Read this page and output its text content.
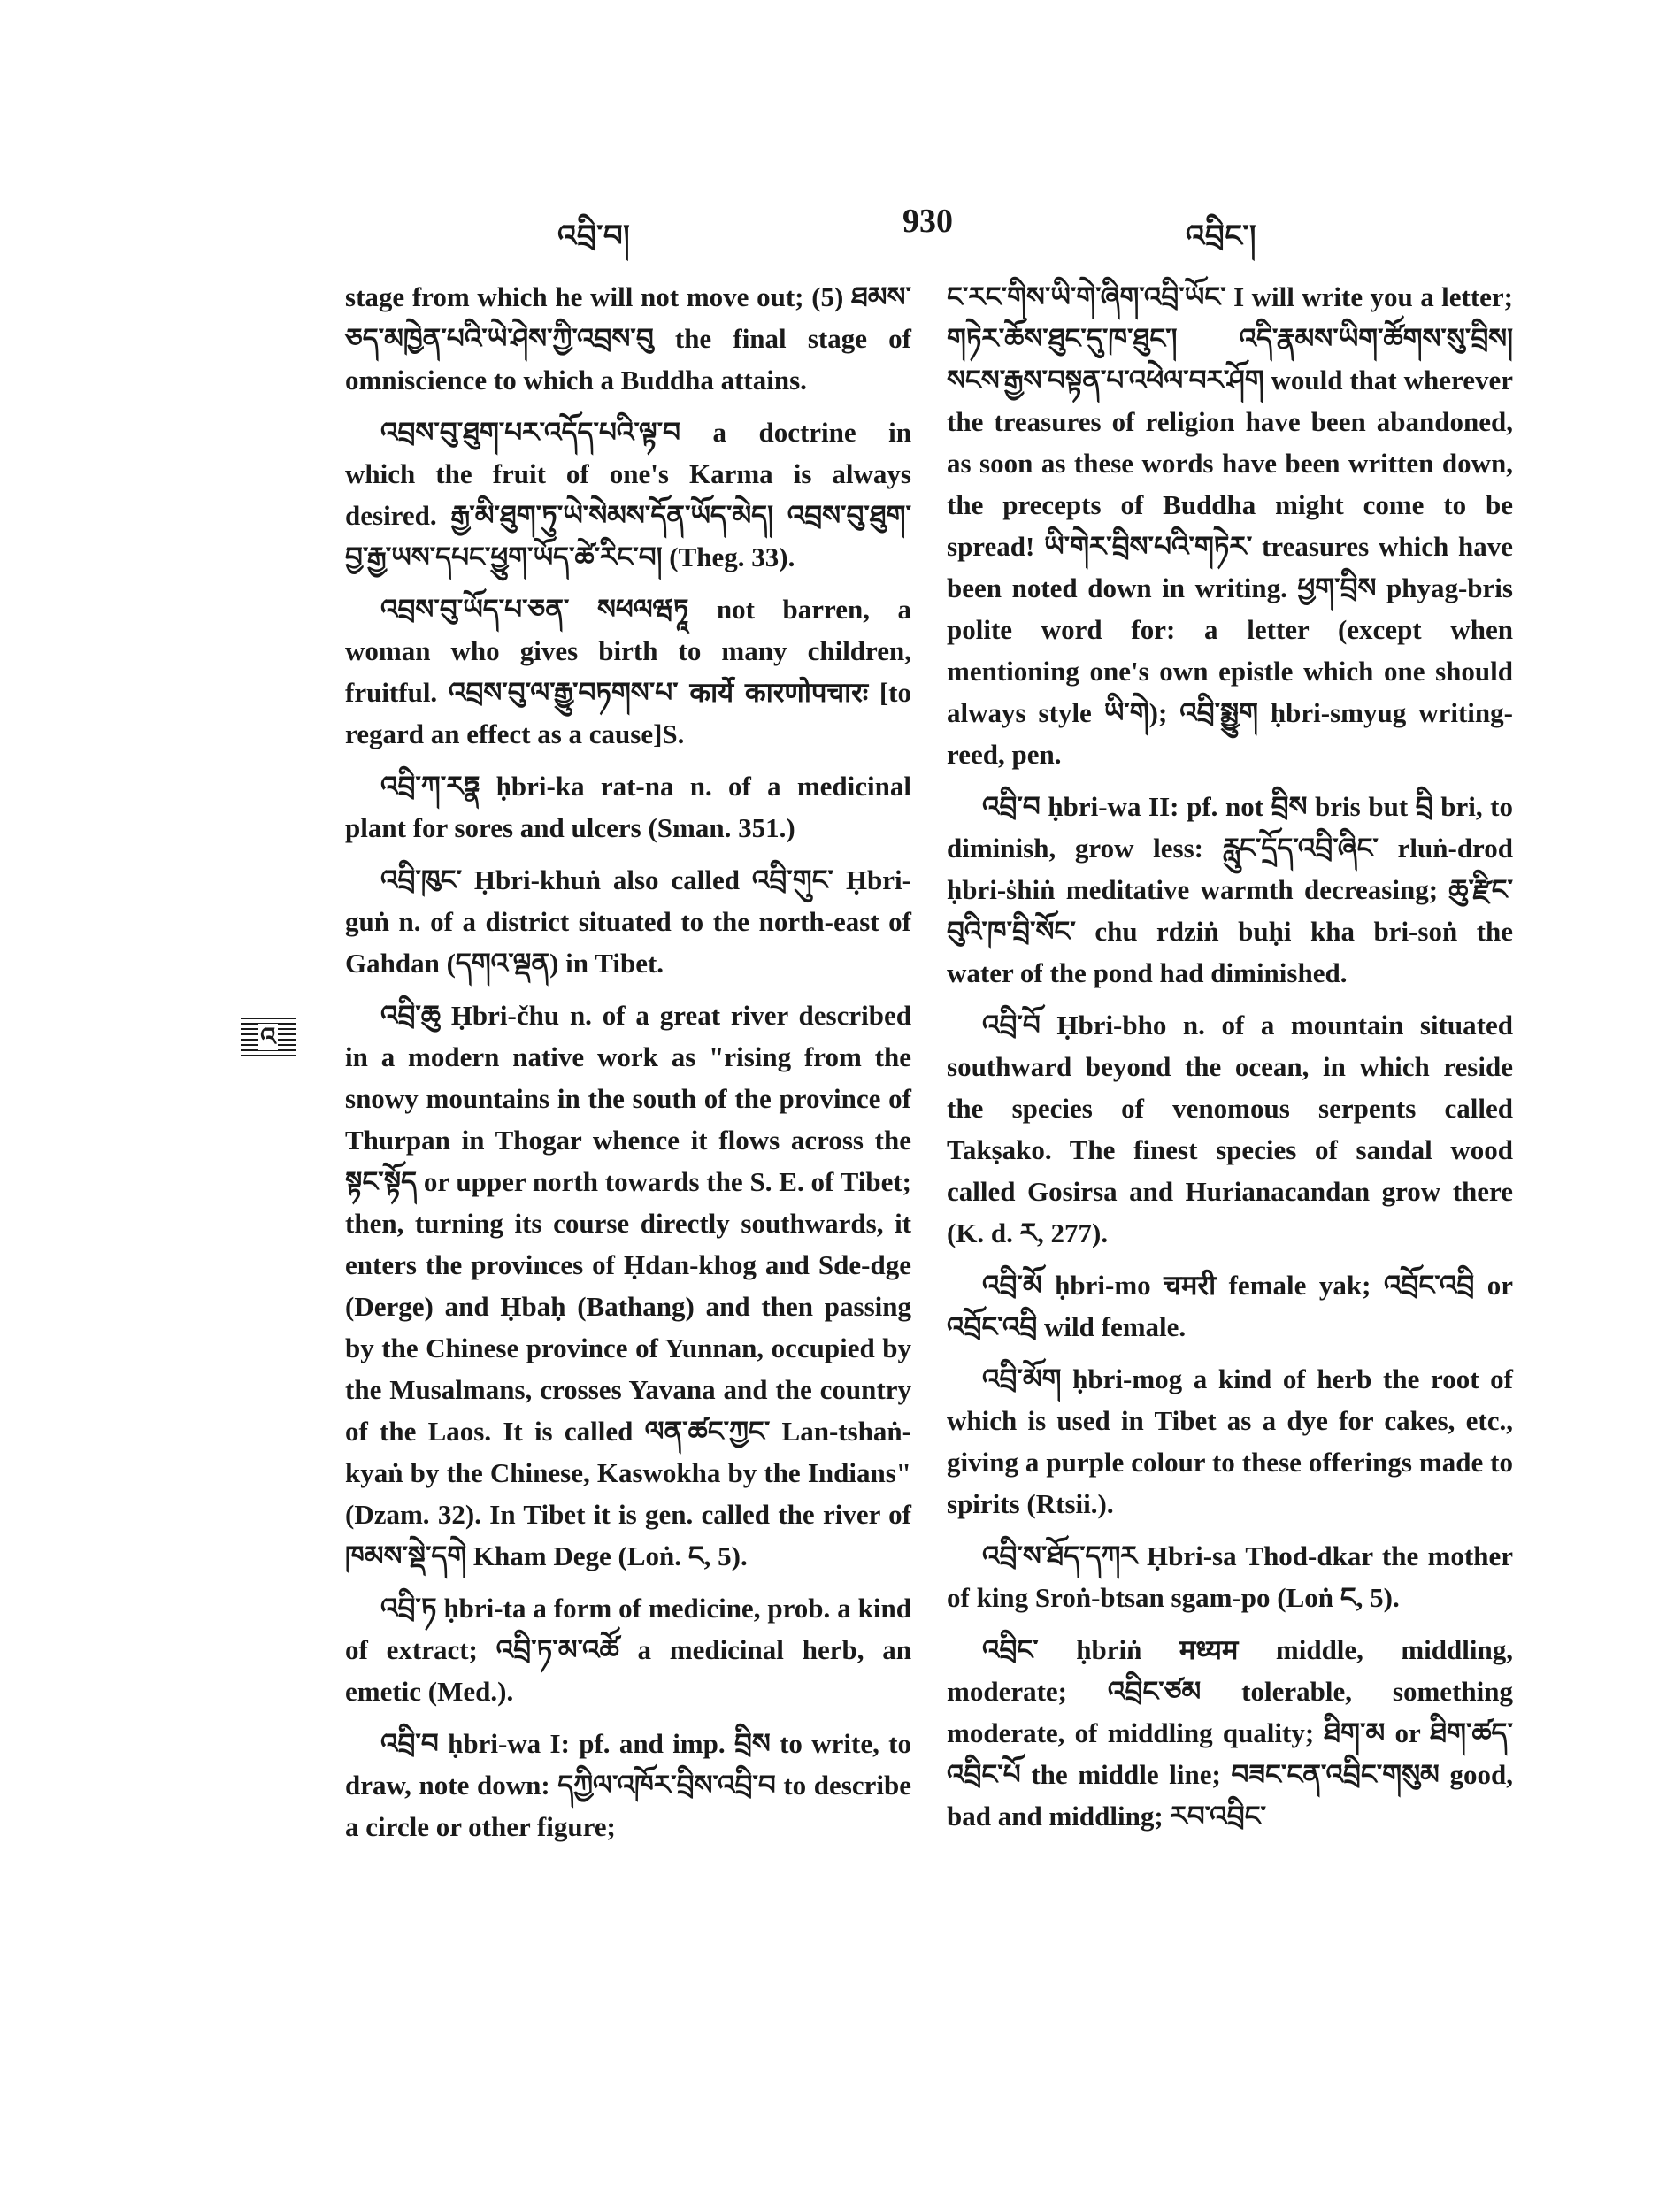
འབྲི་བ།	930	འབྲིང་།
འ

stage from which he will not move out; (5) ཐམས་ཅད་མཁྱེན་པའི་ཡེ་ཤེས་ཀྱི་འབྲས་བུ the final stage of omniscience to which a Buddha attains.

འབྲས་བུ་ཐུག་པར་འདོད་པའི་ལྟ་བ a doctrine in which the fruit of one's Karma is always desired. རྒྱ་མི་ཐུག་ཏུ་ཡེ་སེམས་དོན་ཡོད་མེད། འབྲས་བུ་ཐུག་བྱ་རྒྱ་ཡས་དཔང་ཕྱུག་ཡོད་ཚེ་རིང་བ། (Theg. 33).

འབྲས་བུ་ཡོད་པ་ཅན་ སཕལཝཏཱ not barren, a woman who gives birth to many children, fruitful. འབྲས་བུ་ལ་རྒྱུ་བཏགས་པ་ कार्ये कारणोपचारः [to regard an effect as a cause]S.

འབྲི་ཀ་རཏྣ ḥbri-ka rat-na n. of a medicinal plant for sores and ulcers (Sman. 351.)

འབྲི་ཁུང་ Ḥbri-khuṅ also called འབྲི་གུང་ Ḥbri-guṅ n. of a district situated to the north-east of Gahdan (དགའ་ལྡན) in Tibet.

འབྲི་ཆུ Ḥbri-čhu n. of a great river described in a modern native work as "rising from the snowy mountains in the south of the province of Thurpan in Thogar whence it flows across the སྟང་སྟོད or upper north towards the S. E. of Tibet; then, turning its course directly southwards, it enters the provinces of Ḥdan-khog and Sde-dge (Derge) and Ḥbaḥ (Bathang) and then passing by the Chinese province of Yunnan, occupied by the Musalmans, crosses Yavana and the country of the Laos. It is called ལན་ཚང་ཀྱང་ Lan-tshaṅ-kyaṅ by the Chinese, Kaswokha by the Indians" (Dzam. 32). In Tibet it is gen. called the river of ཁམས་སྡེ་དགེ Kham Dege (Loṅ. ང, 5).

འབྲི་ཏ ḥbri-ta a form of medicine, prob. a kind of extract; འབྲི་ཏ་མ་འཚོ a medicinal herb, an emetic (Med.).

འབྲི་བ ḥbri-wa I: pf. and imp. བྲིས to write, to draw, note down: དཀྱིལ་འཁོར་བྲིས་འབྲི་བ to describe a circle or other figure;

ང་རང་གིས་ཡི་གེ་ཞིག་འབྲི་ཡོང་ I will write you a letter; གཏེར་ཆོས་ཐུང་དུ་ཁ་ཐུང་། འདི་རྣམས་ཡིག་ཚོགས་སུ་བྲིས། སངས་རྒྱས་བསྟན་པ་འཕེལ་བར་ཤོག would that wherever the treasures of religion have been abandoned, as soon as these words have been written down, the precepts of Buddha might come to be spread! ཡི་གེར་བྲིས་པའི་གཏེར་ treasures which have been noted down in writing. ཕྱག་བྲིས phyag-bris polite word for: a letter (except when mentioning one's own epistle which one should always style ཡི་གེ); འབྲི་སྨྱུག ḥbri-smyug writing-reed, pen.

འབྲི་བ ḥbri-wa II: pf. not བྲིས bris but བྲི bri, to diminish, grow less: རླུང་དྲོད་འབྲི་ཞིང་ rluṅ-drod ḥbri-ṡhiṅ meditative warmth decreasing; ཆུ་རྫིང་བུའི་ཁ་བྲི་སོང་ chu rdziṅ buḥi kha bri-soṅ the water of the pond had diminished.

འབྲི་བོ Ḥbri-bho n. of a mountain situated southward beyond the ocean, in which reside the species of venomous serpents called Takṣako. The finest species of sandal wood called Gosirsa and Hurianacandan grow there (K. d. ར, 277).

འབྲི་མོ ḥbri-mo चमरी female yak; འབྲོང་འབྲི or འབྲོང་འབྲི wild female.

འབྲི་མོག ḥbri-mog a kind of herb the root of which is used in Tibet as a dye for cakes, etc., giving a purple colour to these offerings made to spirits (Rtsii.).

འབྲི་ས་ཐོད་དཀར Ḥbri-sa Thod-dkar the mother of king Sroṅ-btsan sgam-po (Loṅ ང, 5).

འབྲིང་ ḥbriṅ मध्यम middle, middling, moderate; འབྲིང་ཙམ tolerable, something moderate, of middling quality; ཐིག་མ or ཐིག་ཚད་འབྲིང་པོ the middle line; བཟང་ངན་འབྲིང་གསུམ good, bad and middling; རབ་འབྲིང་
